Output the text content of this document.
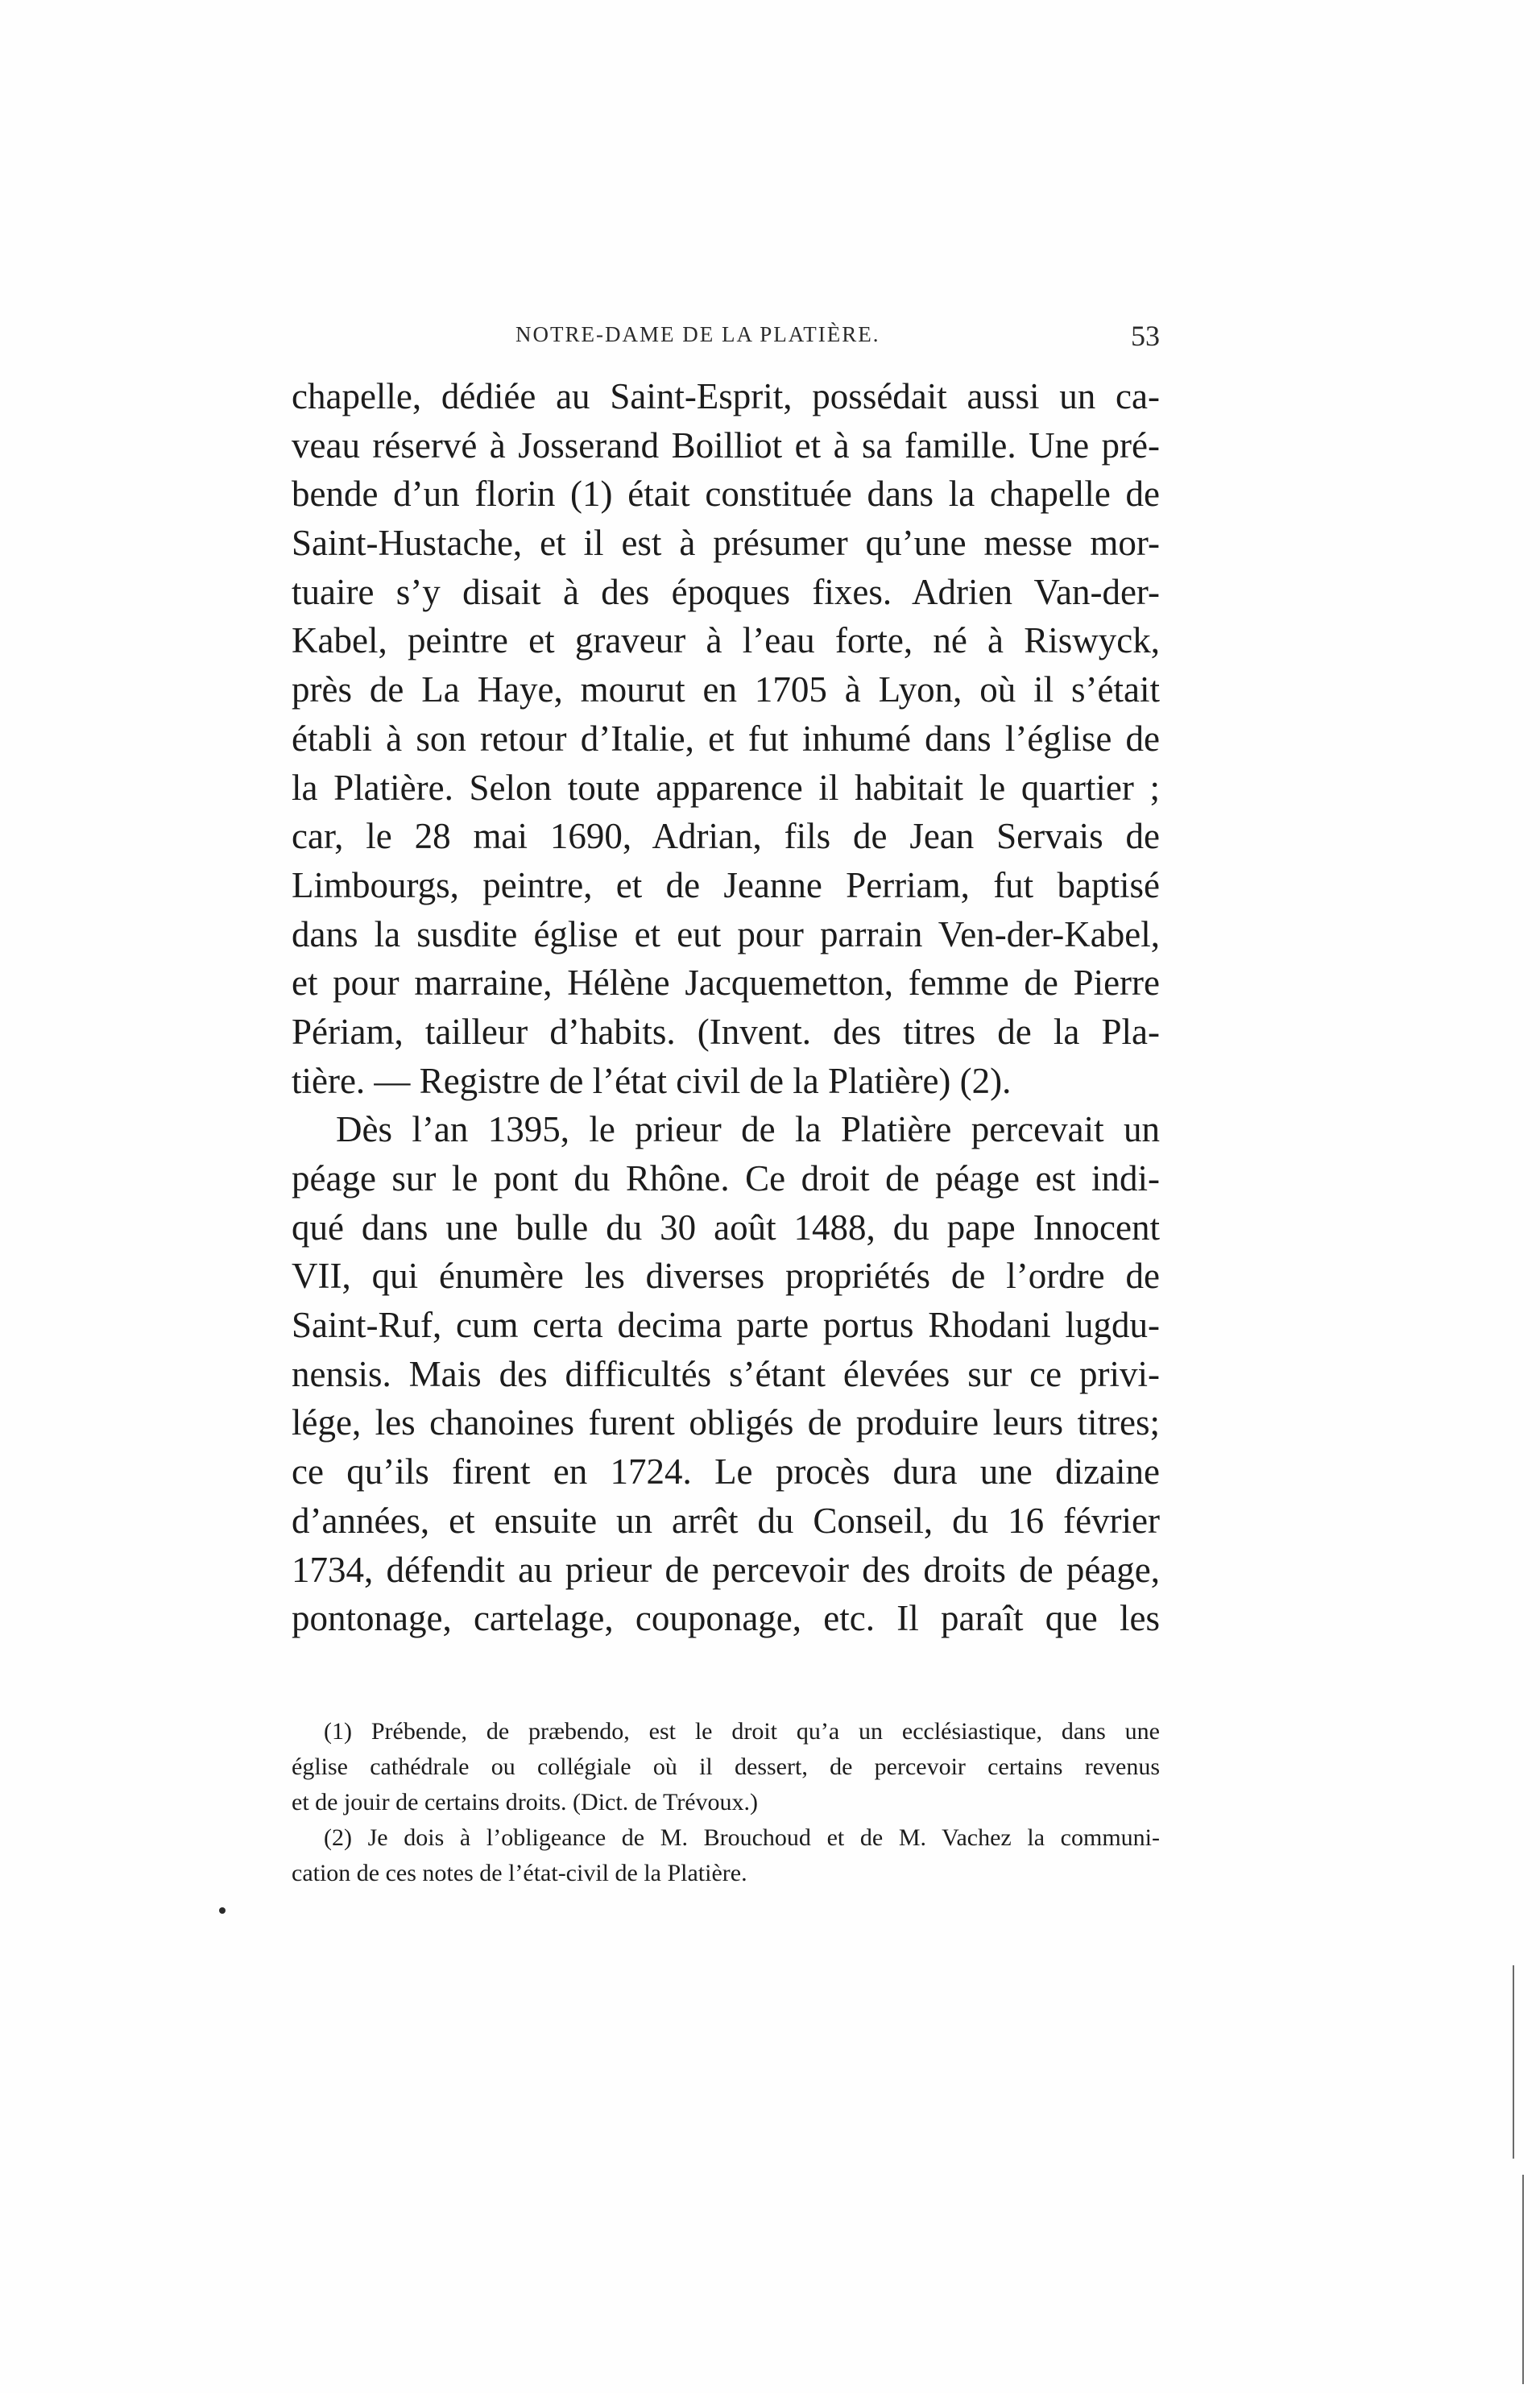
NOTRE-DAME DE LA PLATIÈRE.	53
chapelle, dédiée au Saint-Esprit, possédait aussi un ca-
veau réservé à Josserand Boilliot et à sa famille. Une pré-
bende d’un florin (1) était constituée dans la chapelle de
Saint-Hustache, et il est à présumer qu’une messe mor-
tuaire s’y disait à des époques fixes. Adrien Van-der-
Kabel, peintre et graveur à l’eau forte, né à Riswyck,
près de La Haye, mourut en 1705 à Lyon, où il s’était
établi à son retour d’Italie, et fut inhumé dans l’église de
la Platière. Selon toute apparence il habitait le quartier ;
car, le 28 mai 1690, Adrian, fils de Jean Servais de
Limbourgs, peintre, et de Jeanne Perriam, fut baptisé
dans la susdite église et eut pour parrain Ven-der-Kabel,
et pour marraine, Hélène Jacquemetton, femme de Pierre
Périam, tailleur d’habits. (Invent. des titres de la Pla-
tière. — Registre de l’état civil de la Platière) (2).
Dès l’an 1395, le prieur de la Platière percevait un
péage sur le pont du Rhône. Ce droit de péage est indi-
qué dans une bulle du 30 août 1488, du pape Innocent
VII, qui énumère les diverses propriétés de l’ordre de
Saint-Ruf, cum certa decima parte portus Rhodani lugdu-
nensis. Mais des difficultés s’étant élevées sur ce privi-
lége, les chanoines furent obligés de produire leurs titres;
ce qu’ils firent en 1724. Le procès dura une dizaine
d’années, et ensuite un arrêt du Conseil, du 16 février
1734, défendit au prieur de percevoir des droits de péage,
pontonage, cartelage, couponage, etc. Il paraît que les
(1) Prébende, de præbendo, est le droit qu’a un ecclésiastique, dans une
église cathédrale ou collégiale où il dessert, de percevoir certains revenus
et de jouir de certains droits. (Dict. de Trévoux.)
(2) Je dois à l’obligeance de M. Brouchoud et de M. Vachez la communi-
cation de ces notes de l’état-civil de la Platière.
